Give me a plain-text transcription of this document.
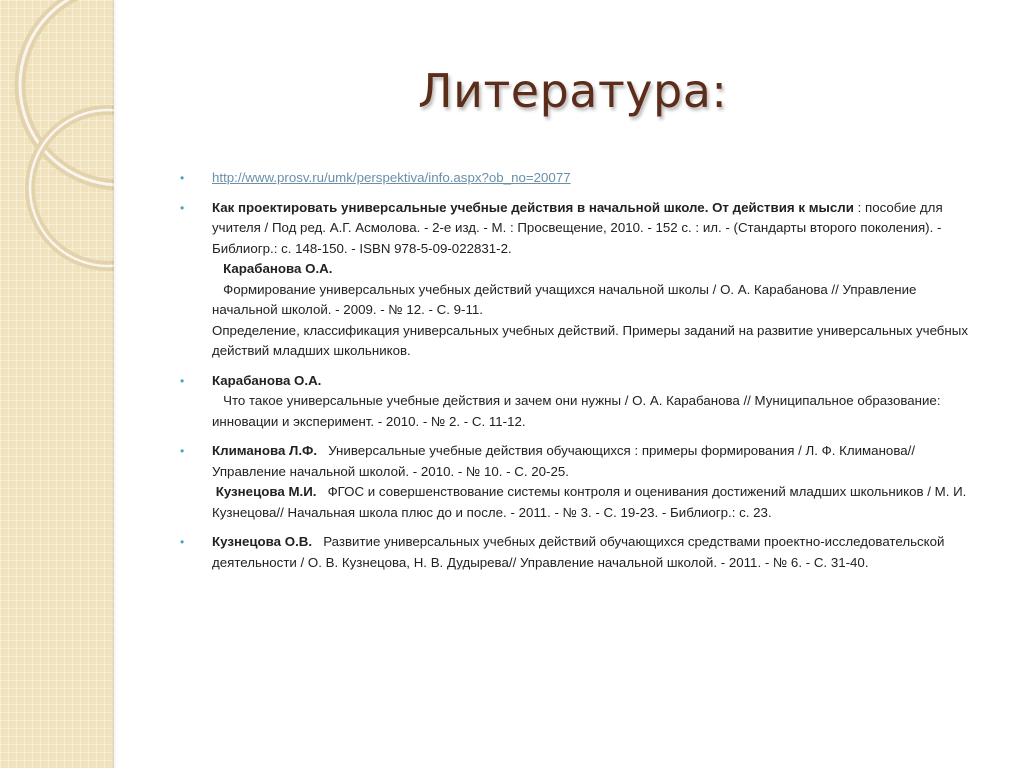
Литература:
• http://www.prosv.ru/umk/perspektiva/info.aspx?ob_no=20077
• Как проектировать универсальные учебные действия в начальной школе. От действия к мысли : пособие для учителя / Под ред. А.Г. Асмолова. - 2-е изд. - М. : Просвещение, 2010. - 152 с. : ил. - (Стандарты второго поколения). - Библиогр.: с. 148-150. - ISBN 978-5-09-022831-2.
Карабанова О.А.
Формирование универсальных учебных действий учащихся начальной школы / О. А. Карабанова // Управление начальной школой. - 2009. - № 12. - С. 9-11.
Определение, классификация универсальных учебных действий. Примеры заданий на развитие универсальных учебных действий младших школьников.
• Карабанова О.А.
Что такое универсальные учебные действия и зачем они нужны / О. А. Карабанова // Муниципальное образование: инновации и эксперимент. - 2010. - № 2. - С. 11-12.
• Климанова Л.Ф. Универсальные учебные действия обучающихся : примеры формирования / Л. Ф. Климанова// Управление начальной школой. - 2010. - № 10. - С. 20-25.
Кузнецова М.И. ФГОС и совершенствование системы контроля и оценивания достижений младших школьников / М. И. Кузнецова// Начальная школа плюс до и после. - 2011. - № 3. - С. 19-23. - Библиогр.: с. 23.
• Кузнецова О.В. Развитие универсальных учебных действий обучающихся средствами проектно-исследовательской деятельности / О. В. Кузнецова, Н. В. Дудырева// Управление начальной школой. - 2011. - № 6. - С. 31-40.
